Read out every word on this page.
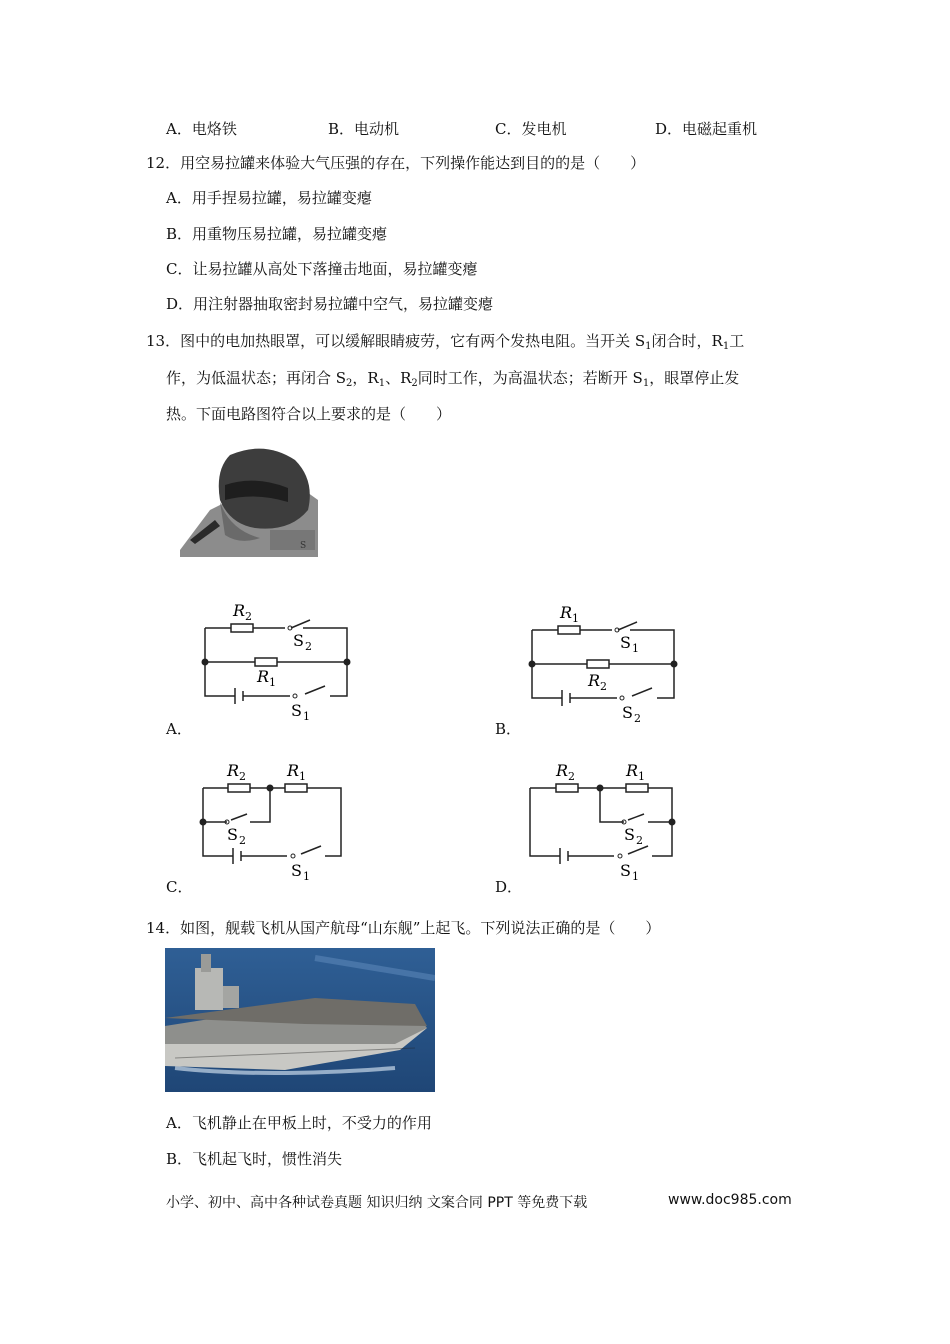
A．电烙铁	B．电动机	C．发电机	D．电磁起重机
12．用空易拉罐来体验大气压强的存在，下列操作能达到目的的是（　　）
A．用手捏易拉罐，易拉罐变瘪
B．用重物压易拉罐，易拉罐变瘪
C．让易拉罐从高处下落撞击地面，易拉罐变瘪
D．用注射器抽取密封易拉罐中空气，易拉罐变瘪
13．图中的电加热眼罩，可以缓解眼睛疲劳，它有两个发热电阻。当开关 $S_1$闭合时，$R_1$工
作，为低温状态；再闭合 $S_2$，$R_1$、$R_2$同时工作，为高温状态；若断开 $S_1$，眼罩停止发
热。下面电路图符合以上要求的是（　　）
S
R 2
S 2
R 1
S 1
A．
R 1
S 1
R 2
S 2
B．
R 2	R 1
S 2
S 1
C．
R 2	R 1
S 2
S 1
D．
14．如图，舰载飞机从国产航母“山东舰”上起飞。下列说法正确的是（　　）
A．飞机静止在甲板上时，不受力的作用
B．飞机起飞时，惯性消失
小学、初中、高中各种试卷真题 知识归纳 文案合同 PPT 等免费下载	www.doc985.com
